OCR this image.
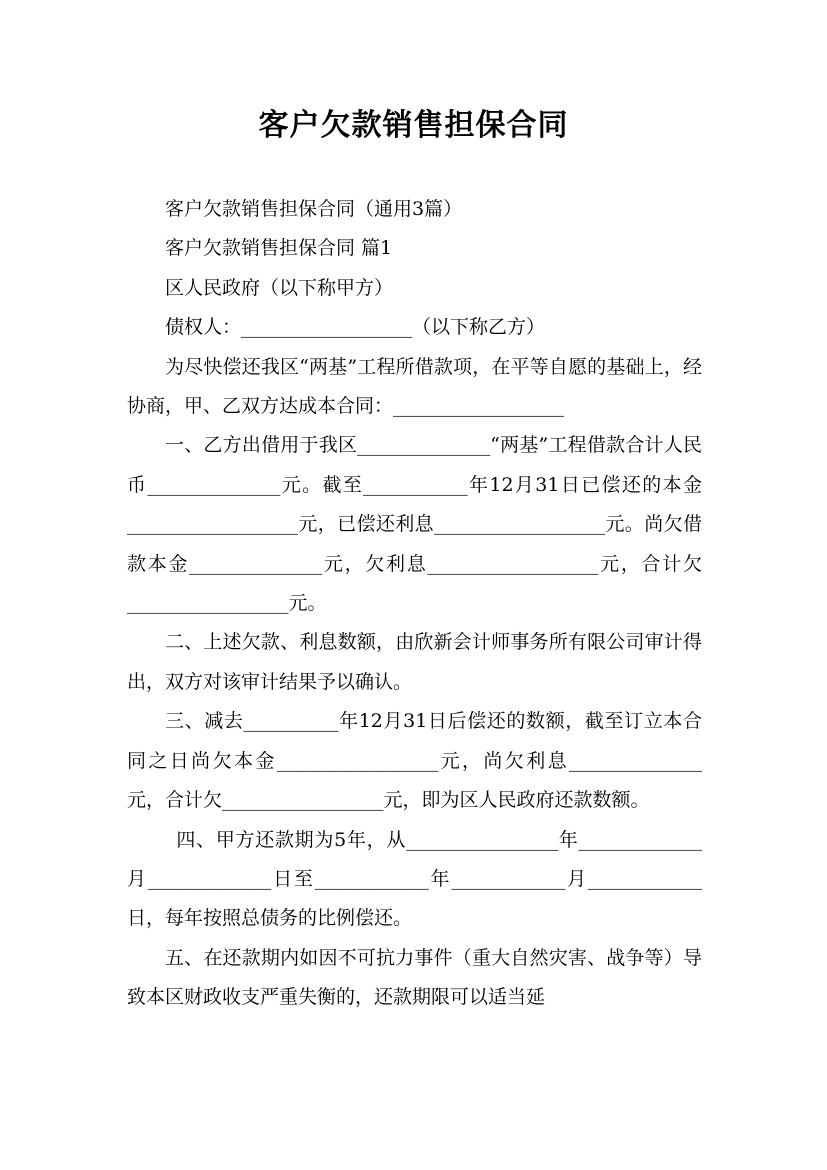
客户欠款销售担保合同

客户欠款销售担保合同（通用3篇）

客户欠款销售担保合同 篇1

区人民政府（以下称甲方）

债权人：__________________（以下称乙方）

为尽快偿还我区“两基”工程所借款项，在平等自愿的基础上，经协商，甲、乙双方达成本合同：__________________

一、乙方出借用于我区______________“两基”工程借款合计人民币______________元。截至___________年12月31日已偿还的本金__________________元，已偿还利息__________________元。尚欠借款本金______________元，欠利息__________________元，合计欠_________________元。

二、上述欠款、利息数额，由欣新会计师事务所有限公司审计得出，双方对该审计结果予以确认。

三、减去__________年12月31日后偿还的数额，截至订立本合同之日尚欠本金_________________元，尚欠利息______________元，合计欠_________________元，即为区人民政府还款数额。

四、甲方还款期为5年，从________________年_____________月_____________日至____________年____________月____________日，每年按照总债务的比例偿还。

五、在还款期内如因不可抗力事件（重大自然灾害、战争等）导致本区财政收支严重失衡的，还款期限可以适当延
